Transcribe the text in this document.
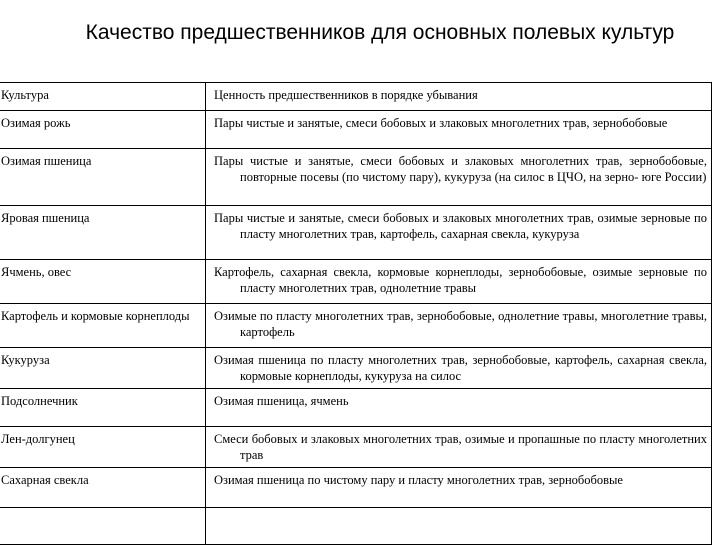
Качество предшественников для основных полевых культур
Культура	Ценность предшественников в порядке убывания

Озимая рожь	Пары чистые и занятые, смеси бобовых и злаковых многолетних трав, зернобобовые

Озимая пшеница	Пары чистые и занятые, смеси бобовых и злаковых многолетних трав, зернобобовые, повторные посевы (по чистому пару), кукуруза (на силос в ЦЧО, на зерно- юге России)

Яровая пшеница	Пары чистые и занятые, смеси бобовых и злаковых многолетних трав, озимые зерновые по пласту многолетних трав, картофель, сахарная свекла, кукуруза

Ячмень, овес	Картофель, сахарная свекла, кормовые корнеплоды, зернобобовые, озимые зерновые по пласту многолетних трав, однолетние травы

Картофель и кормовые корнеплоды	Озимые по пласту многолетних трав, зернобобовые, однолетние травы, многолетние травы, картофель

Кукуруза	Озимая пшеница по пласту многолетних трав, зернобобовые, картофель, сахарная свекла, кормовые корнеплоды, кукуруза на силос

Подсолнечник	Озимая пшеница, ячмень

Лен-долгунец	Смеси бобовых и злаковых многолетних трав, озимые и пропашные по пласту многолетних трав

Сахарная свекла	Озимая пшеница по чистому пару и пласту многолетних трав, зернобобовые
